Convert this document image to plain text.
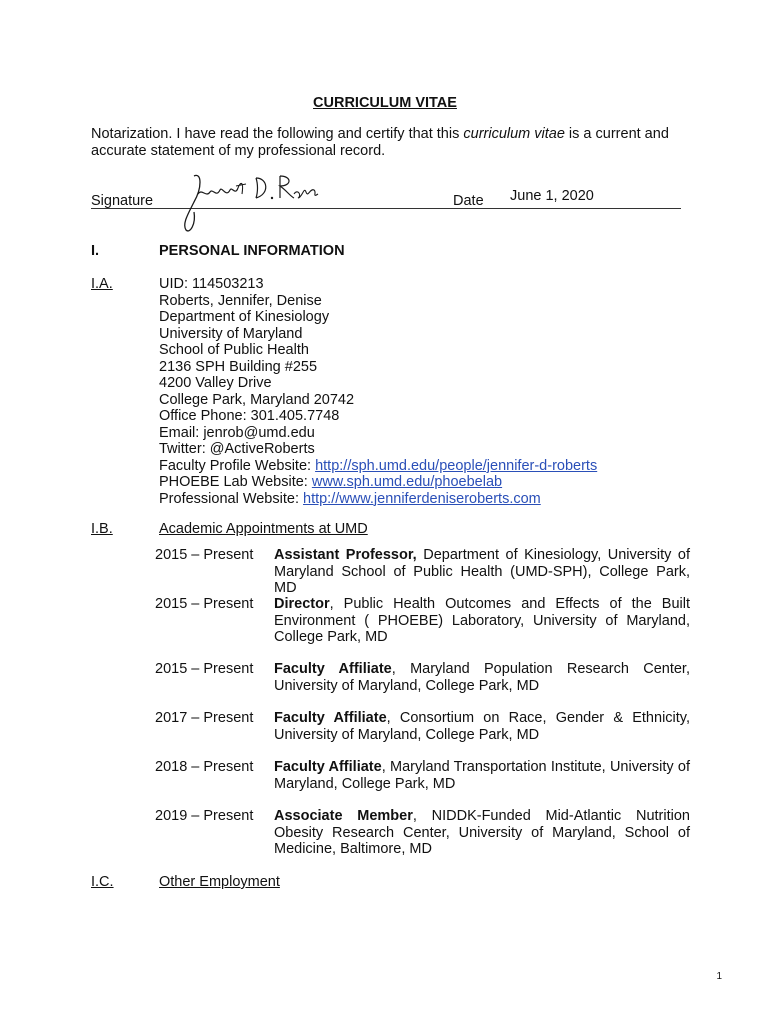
CURRICULUM VITAE
Notarization. I have read the following and certify that this curriculum vitae is a current and accurate statement of my professional record.
Signature	Date June 1, 2020
I.	PERSONAL INFORMATION
I.A.	UID: 114503213
Roberts, Jennifer, Denise
Department of Kinesiology
University of Maryland
School of Public Health
2136 SPH Building #255
4200 Valley Drive
College Park, Maryland 20742
Office Phone: 301.405.7748
Email: jenrob@umd.edu
Twitter: @ActiveRoberts
Faculty Profile Website: http://sph.umd.edu/people/jennifer-d-roberts
PHOEBE Lab Website: www.sph.umd.edu/phoebelab
Professional Website: http://www.jenniferdeniseroberts.com
I.B.	Academic Appointments at UMD
2015 – Present	Assistant Professor, Department of Kinesiology, University of Maryland School of Public Health (UMD-SPH), College Park, MD
2015 – Present	Director, Public Health Outcomes and Effects of the Built Environment ( PHOEBE) Laboratory, University of Maryland, College Park, MD
2015 – Present	Faculty Affiliate, Maryland Population Research Center, University of Maryland, College Park, MD
2017 – Present	Faculty Affiliate, Consortium on Race, Gender & Ethnicity, University of Maryland, College Park, MD
2018 – Present	Faculty Affiliate, Maryland Transportation Institute, University of Maryland, College Park, MD
2019 – Present	Associate Member, NIDDK-Funded Mid-Atlantic Nutrition Obesity Research Center, University of Maryland, School of Medicine, Baltimore, MD
I.C.	Other Employment
1
